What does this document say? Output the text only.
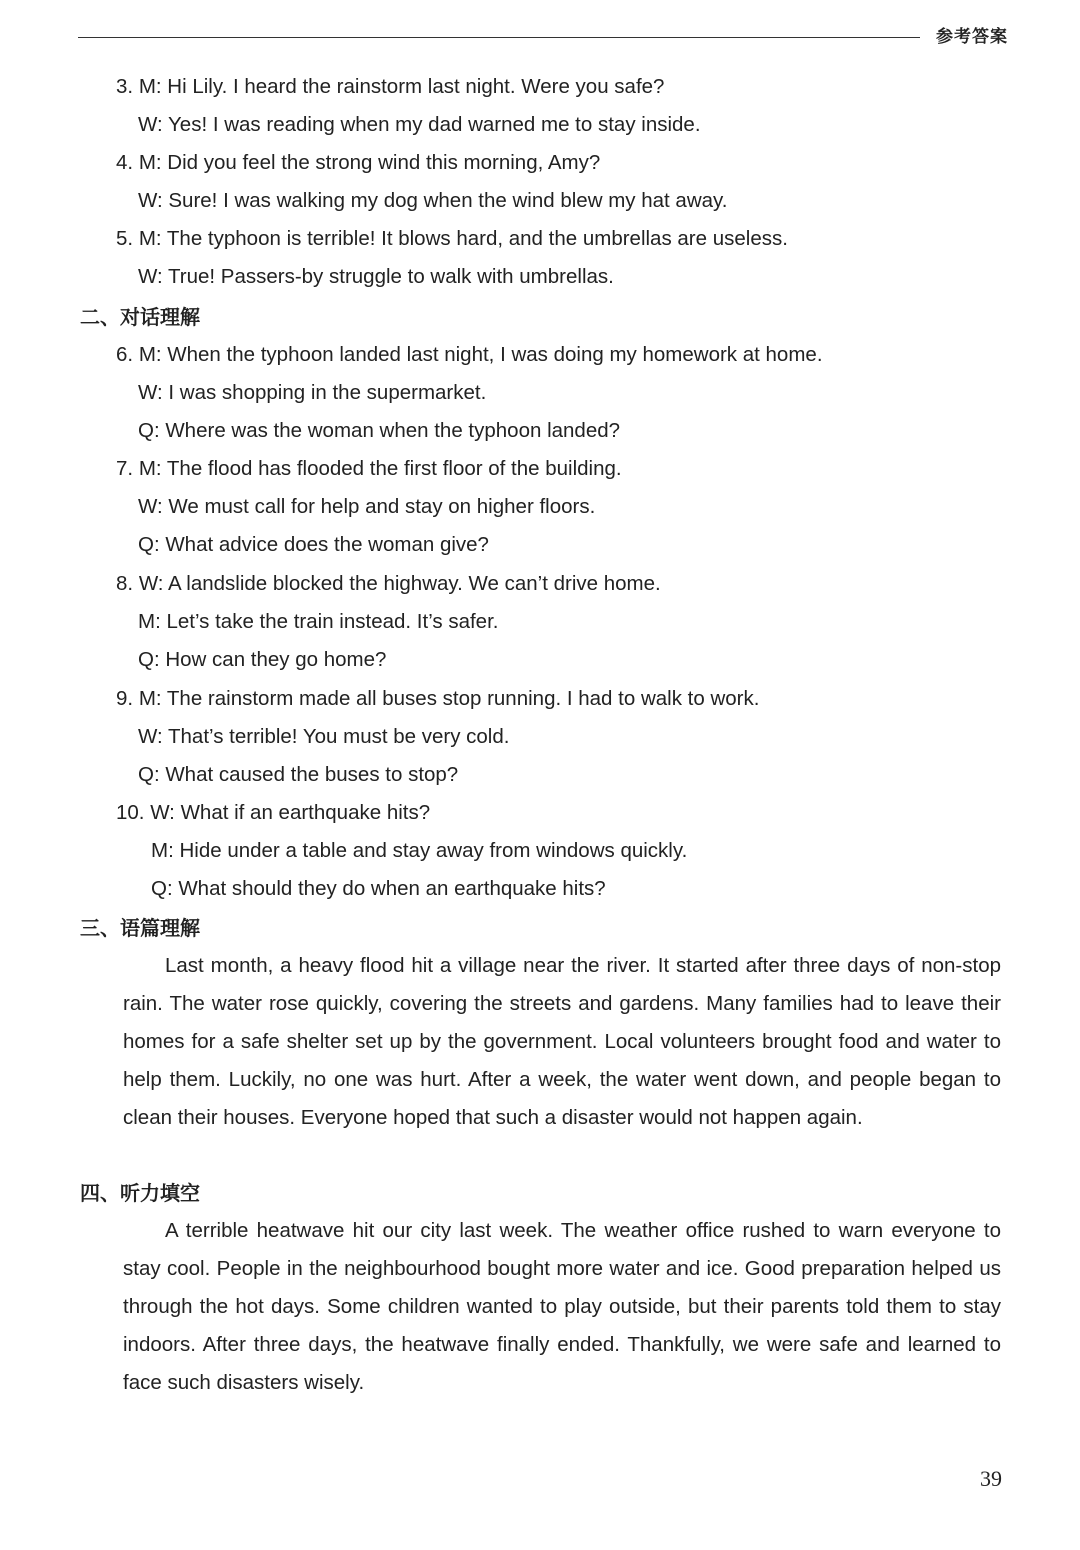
参考答案
3. M: Hi Lily. I heard the rainstorm last night. Were you safe?
W: Yes! I was reading when my dad warned me to stay inside.
4. M: Did you feel the strong wind this morning, Amy?
W: Sure! I was walking my dog when the wind blew my hat away.
5. M: The typhoon is terrible! It blows hard, and the umbrellas are useless.
W: True! Passers-by struggle to walk with umbrellas.
二、对话理解
6. M: When the typhoon landed last night, I was doing my homework at home.
W: I was shopping in the supermarket.
Q: Where was the woman when the typhoon landed?
7. M: The flood has flooded the first floor of the building.
W: We must call for help and stay on higher floors.
Q: What advice does the woman give?
8. W: A landslide blocked the highway. We can’t drive home.
M: Let’s take the train instead. It’s safer.
Q: How can they go home?
9. M: The rainstorm made all buses stop running. I had to walk to work.
W: That’s terrible! You must be very cold.
Q: What caused the buses to stop?
10. W: What if an earthquake hits?
M: Hide under a table and stay away from windows quickly.
Q: What should they do when an earthquake hits?
三、语篇理解
Last month, a heavy flood hit a village near the river. It started after three days of non-stop rain. The water rose quickly, covering the streets and gardens. Many families had to leave their homes for a safe shelter set up by the government. Local volunteers brought food and water to help them. Luckily, no one was hurt. After a week, the water went down, and people began to clean their houses. Everyone hoped that such a disaster would not happen again.
四、听力填空
A terrible heatwave hit our city last week. The weather office rushed to warn everyone to stay cool. People in the neighbourhood bought more water and ice. Good preparation helped us through the hot days. Some children wanted to play outside, but their parents told them to stay indoors. After three days, the heatwave finally ended. Thankfully, we were safe and learned to face such disasters wisely.
39
